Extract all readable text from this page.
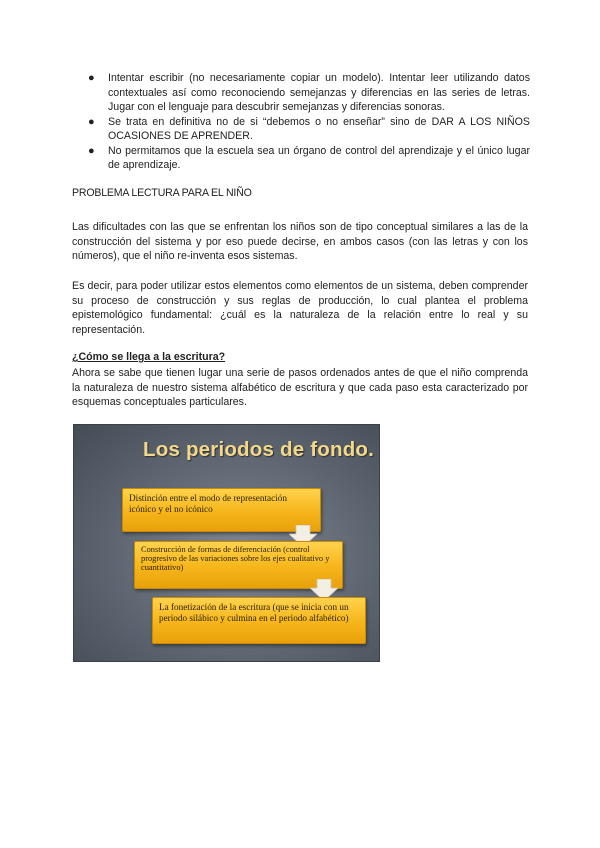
● Intentar escribir (no necesariamente copiar un modelo). Intentar leer utilizando datos contextuales así como reconociendo semejanzas y diferencias en las series de letras. Jugar con el lenguaje para descubrir semejanzas y diferencias sonoras.
● Se trata en definitiva no de si “debemos o no enseñar” sino de DAR A LOS NIÑOS OCASIONES DE APRENDER.
● No permitamos que la escuela sea un órgano de control del aprendizaje y el único lugar de aprendizaje.
PROBLEMA LECTURA PARA EL NIÑO

Las dificultades con las que se enfrentan los niños son de tipo conceptual similares a las de la construcción del sistema y por eso puede decirse, en ambos casos (con las letras y con los números), que el niño re-inventa esos sistemas.

Es decir, para poder utilizar estos elementos como elementos de un sistema, deben comprender su proceso de construcción y sus reglas de producción, lo cual plantea el problema epistemológico fundamental: ¿cuál es la naturaleza de la relación entre lo real y su representación.

¿Cómo se llega a la escritura?

Ahora se sabe que tienen lugar una serie de pasos ordenados antes de que el niño comprenda la naturaleza de nuestro sistema alfabético de escritura y que cada paso esta caracterizado por esquemas conceptuales particulares.

Los periodos de fondo.
Distinción entre el modo de representación icónico y el no icónico
Construcción de formas de diferenciación (control progresivo de las variaciones sobre los ejes cualitativo y cuantitativo)
La fonetización de la escritura (que se inicia con un periodo silábico y culmina en el periodo alfabético)
